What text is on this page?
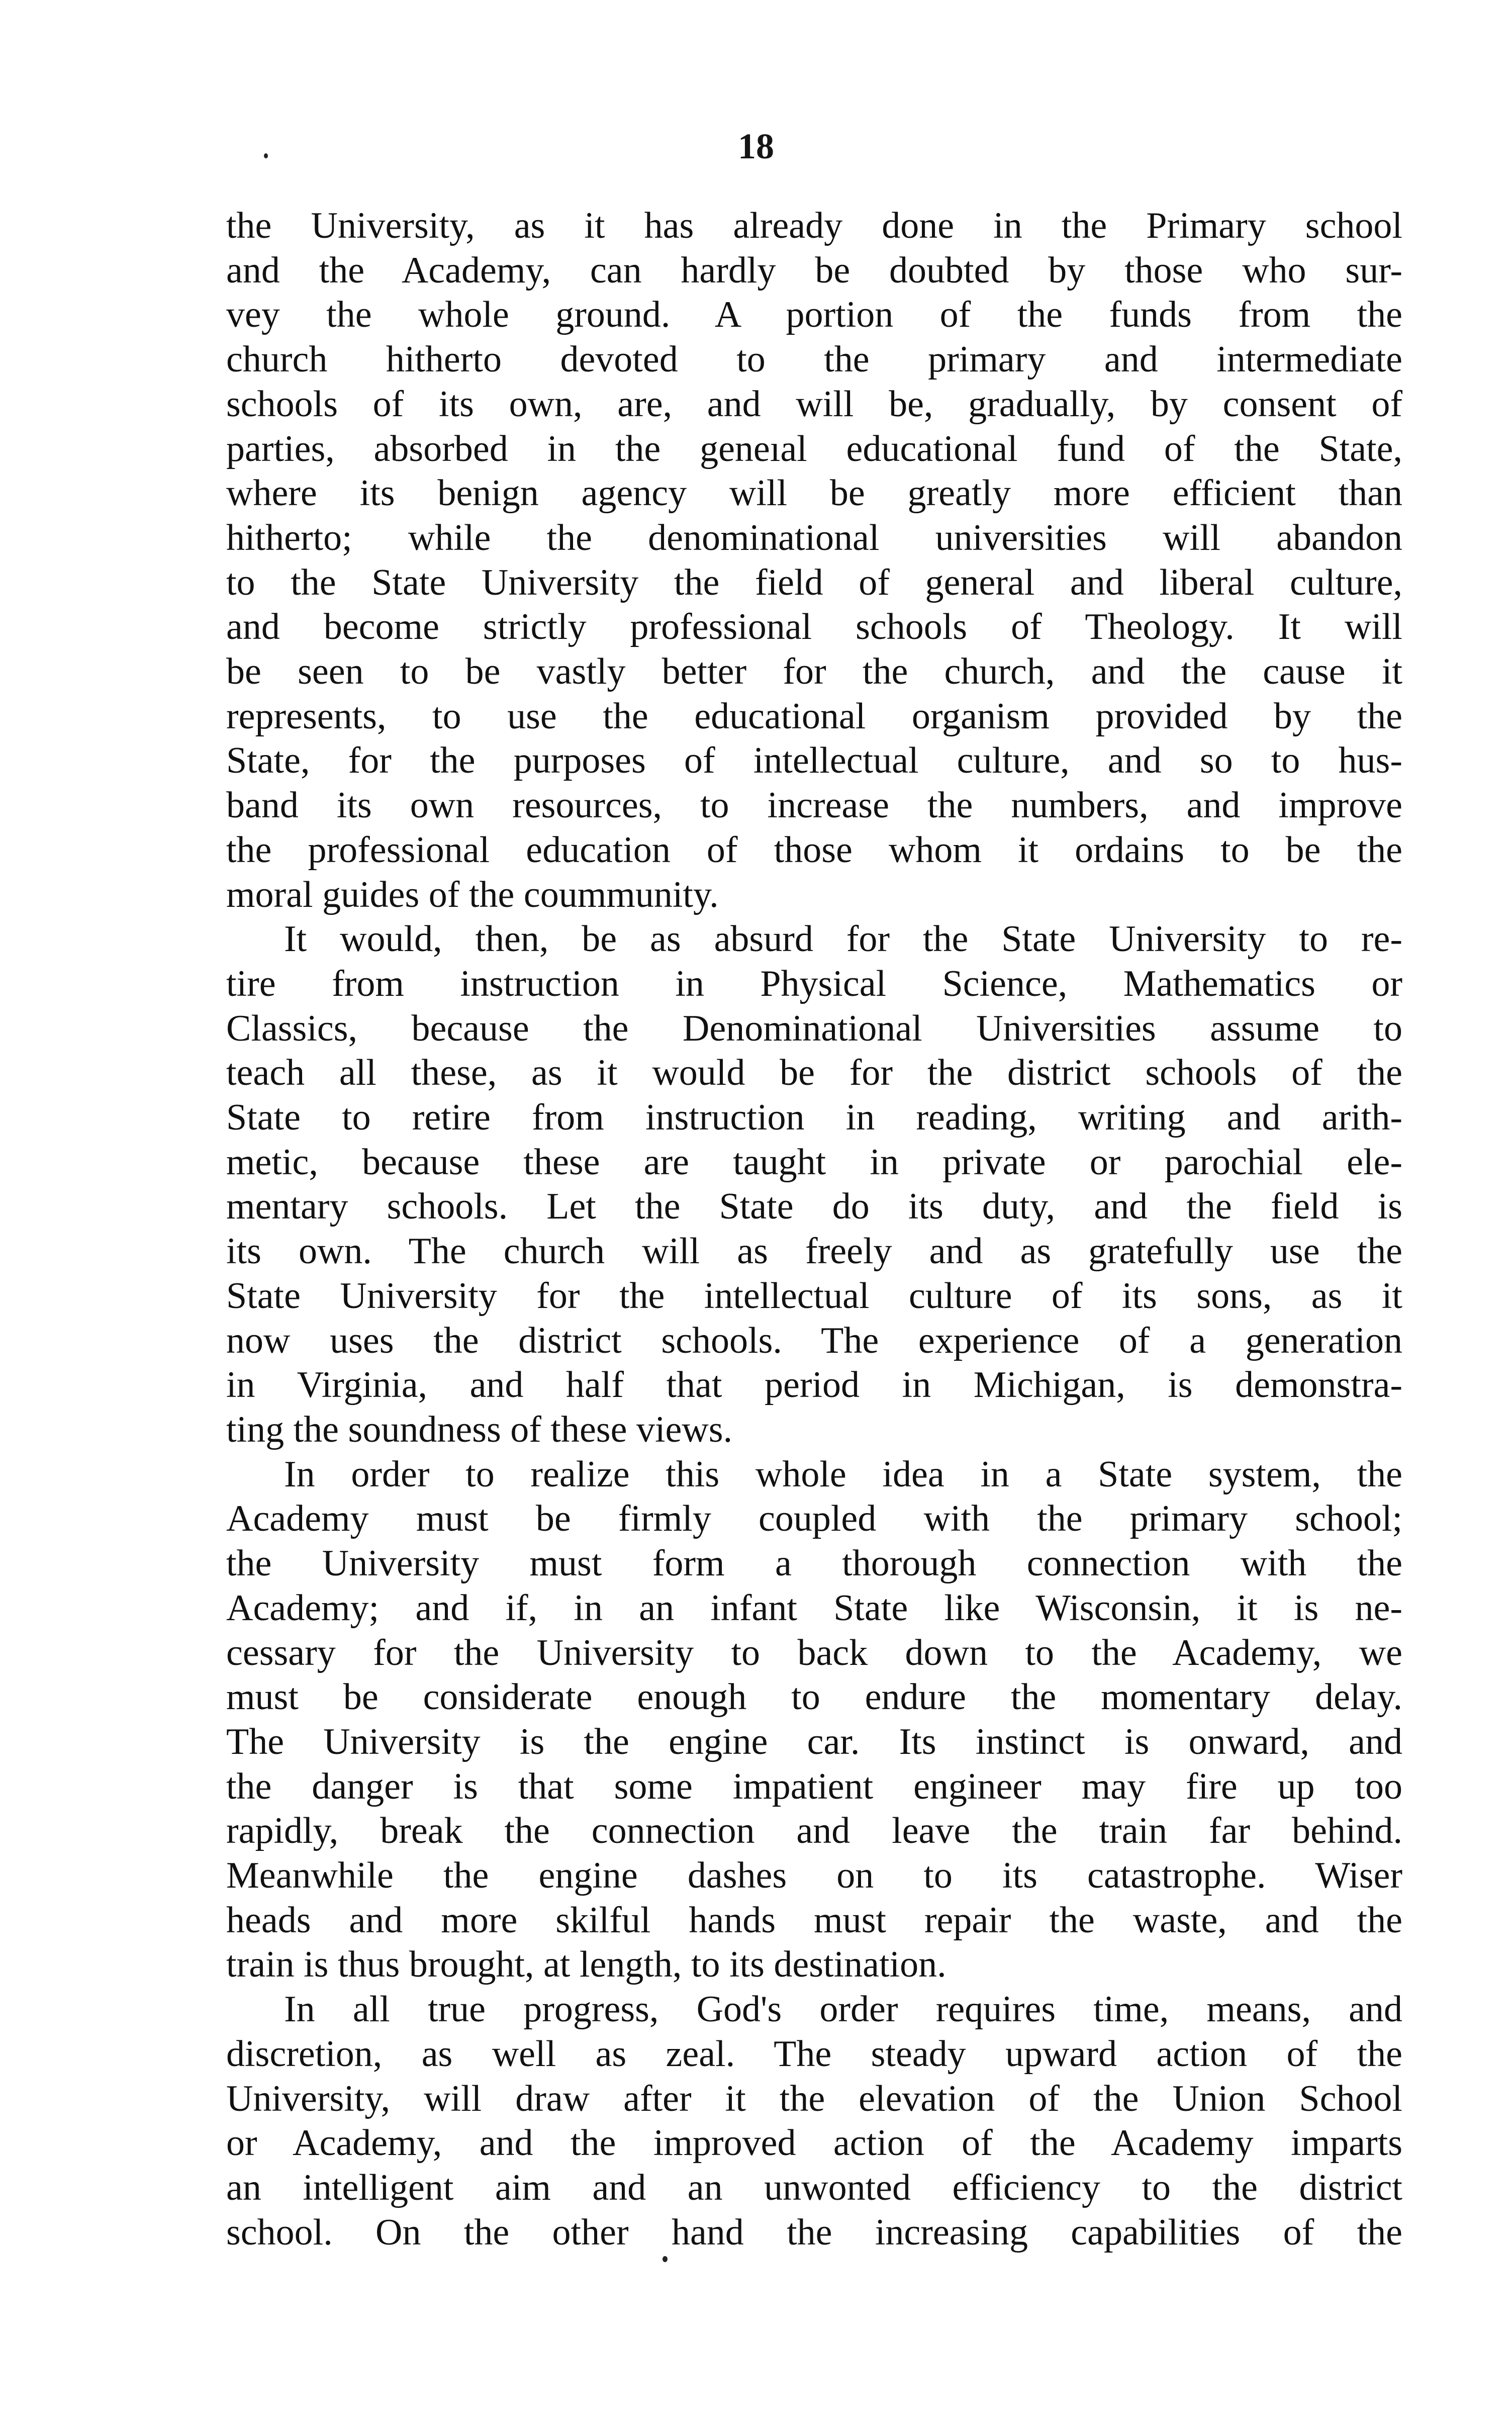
18
the University, as it has already done in the Primary school
and the Academy, can hardly be doubted by those who sur-
vey the whole ground. A portion of the funds from the
church hitherto devoted to the primary and intermediate
schools of its own, are, and will be, gradually, by consent of
parties, absorbed in the geneıal educational fund of the State,
where its benign agency will be greatly more efficient than
hitherto; while the denominational universities will abandon
to the State University the field of general and liberal culture,
and become strictly professional schools of Theology. It will
be seen to be vastly better for the church, and the cause it
represents, to use the educational organism provided by the
State, for the purposes of intellectual culture, and so to hus-
band its own resources, to increase the numbers, and improve
the professional education of those whom it ordains to be the
moral guides of the coummunity.
It would, then, be as absurd for the State University to re-
tire from instruction in Physical Science, Mathematics or
Classics, because the Denominational Universities assume to
teach all these, as it would be for the district schools of the
State to retire from instruction in reading, writing and arith-
metic, because these are taught in private or parochial ele-
mentary schools. Let the State do its duty, and the field is
its own. The church will as freely and as gratefully use the
State University for the intellectual culture of its sons, as it
now uses the district schools. The experience of a generation
in Virginia, and half that period in Michigan, is demonstra-
ting the soundness of these views.
In order to realize this whole idea in a State system, the
Academy must be firmly coupled with the primary school;
the University must form a thorough connection with the
Academy; and if, in an infant State like Wisconsin, it is ne-
cessary for the University to back down to the Academy, we
must be considerate enough to endure the momentary delay.
The University is the engine car. Its instinct is onward, and
the danger is that some impatient engineer may fire up too
rapidly, break the connection and leave the train far behind.
Meanwhile the engine dashes on to its catastrophe. Wiser
heads and more skilful hands must repair the waste, and the
train is thus brought, at length, to its destination.
In all true progress, God's order requires time, means, and
discretion, as well as zeal. The steady upward action of the
University, will draw after it the elevation of the Union School
or Academy, and the improved action of the Academy imparts
an intelligent aim and an unwonted efficiency to the district
school. On the other hand the increasing capabilities of the
